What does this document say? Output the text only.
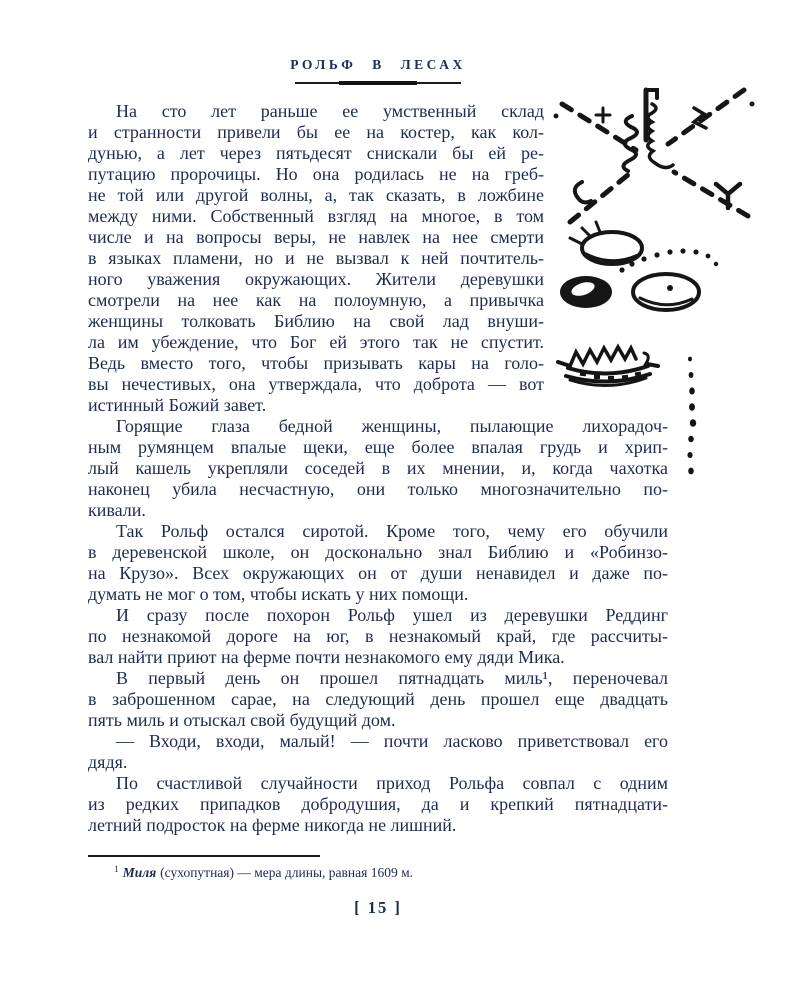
РОЛЬФ В ЛЕСАХ
На сто лет раньше ее умственный склад
и странности привели бы ее на костер, как кол-
дунью, а лет через пятьдесят снискали бы ей ре-
путацию пророчицы. Но она родилась не на греб-
не той или другой волны, а, так сказать, в ложбине
между ними. Собственный взгляд на многое, в том
числе и на вопросы веры, не навлек на нее смерти
в языках пламени, но и не вызвал к ней почтитель-
ного уважения окружающих. Жители деревушки
смотрели на нее как на полоумную, а привычка
женщины толковать Библию на свой лад внуши-
ла им убеждение, что Бог ей этого так не спустит.
Ведь вместо того, чтобы призывать кары на голо-
вы нечестивых, она утверждала, что доброта — вот
истинный Божий завет.
Горящие глаза бедной женщины, пылающие лихорадоч-
ным румянцем впалые щеки, еще более впалая грудь и хрип-
лый кашель укрепляли соседей в их мнении, и, когда чахотка
наконец убила несчастную, они только многозначительно по-
кивали.
Так Рольф остался сиротой. Кроме того, чему его обучили
в деревенской школе, он досконально знал Библию и «Робинзо-
на Крузо». Всех окружающих он от души ненавидел и даже по-
думать не мог о том, чтобы искать у них помощи.
И сразу после похорон Рольф ушел из деревушки Реддинг
по незнакомой дороге на юг, в незнакомый край, где рассчиты-
вал найти приют на ферме почти незнакомого ему дяди Мика.
В первый день он прошел пятнадцать миль¹, переночевал
в заброшенном сарае, на следующий день прошел еще двадцать
пять миль и отыскал свой будущий дом.
— Входи, входи, малый! — почти ласково приветствовал его
дядя.
По счастливой случайности приход Рольфа совпал с одним
из редких припадков добродушия, да и крепкий пятнадцати-
летний подросток на ферме никогда не лишний.
$^1$ Миля (сухопутная) — мера длины, равная 1609 м.
[ 15 ]
